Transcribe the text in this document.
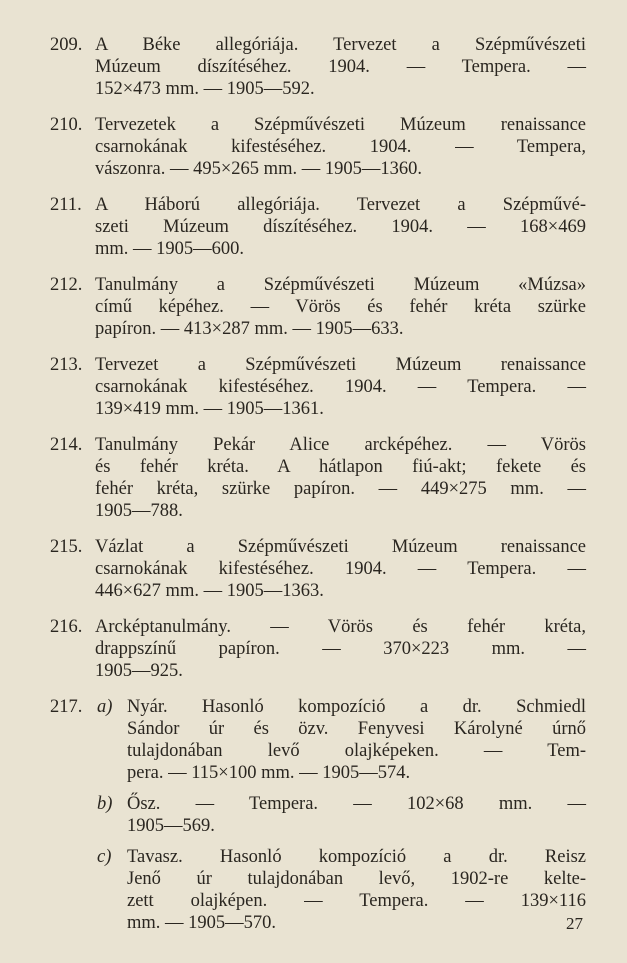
209. A Béke allegóriája. Tervezet a Szépművészeti
Múzeum díszítéséhez. 1904. — Tempera. —
152×473 mm. — 1905—592.
210. Tervezetek a Szépművészeti Múzeum renaissance
csarnokának kifestéséhez. 1904. — Tempera,
vászonra. — 495×265 mm. — 1905—1360.
211. A Háború allegóriája. Tervezet a Szépművé-
szeti Múzeum díszítéséhez. 1904. — 168×469
mm. — 1905—600.
212. Tanulmány a Szépművészeti Múzeum «Múzsa»
című képéhez. — Vörös és fehér kréta szürke
papíron. — 413×287 mm. — 1905—633.
213. Tervezet a Szépművészeti Múzeum renaissance
csarnokának kifestéséhez. 1904. — Tempera. —
139×419 mm. — 1905—1361.
214. Tanulmány Pekár Alice arcképéhez. — Vörös
és fehér kréta. A hátlapon fiú-akt; fekete és
fehér kréta, szürke papíron. — 449×275 mm. —
1905—788.
215. Vázlat a Szépművészeti Múzeum renaissance
csarnokának kifestéséhez. 1904. — Tempera. —
446×627 mm. — 1905—1363.
216. Arcképtanulmány. — Vörös és fehér kréta,
drappszínű papíron. — 370×223 mm. —
1905—925.
217. a) Nyár. Hasonló kompozíció a dr. Schmiedl
Sándor úr és özv. Fenyvesi Károlyné úrnő
tulajdonában levő olajképeken. — Tem-
pera. — 115×100 mm. — 1905—574.
b) Ősz. — Tempera. — 102×68 mm. —
1905—569.
c) Tavasz. Hasonló kompozíció a dr. Reisz
Jenő úr tulajdonában levő, 1902-re kelte-
zett olajképen. — Tempera. — 139×116
mm. — 1905—570.	27
